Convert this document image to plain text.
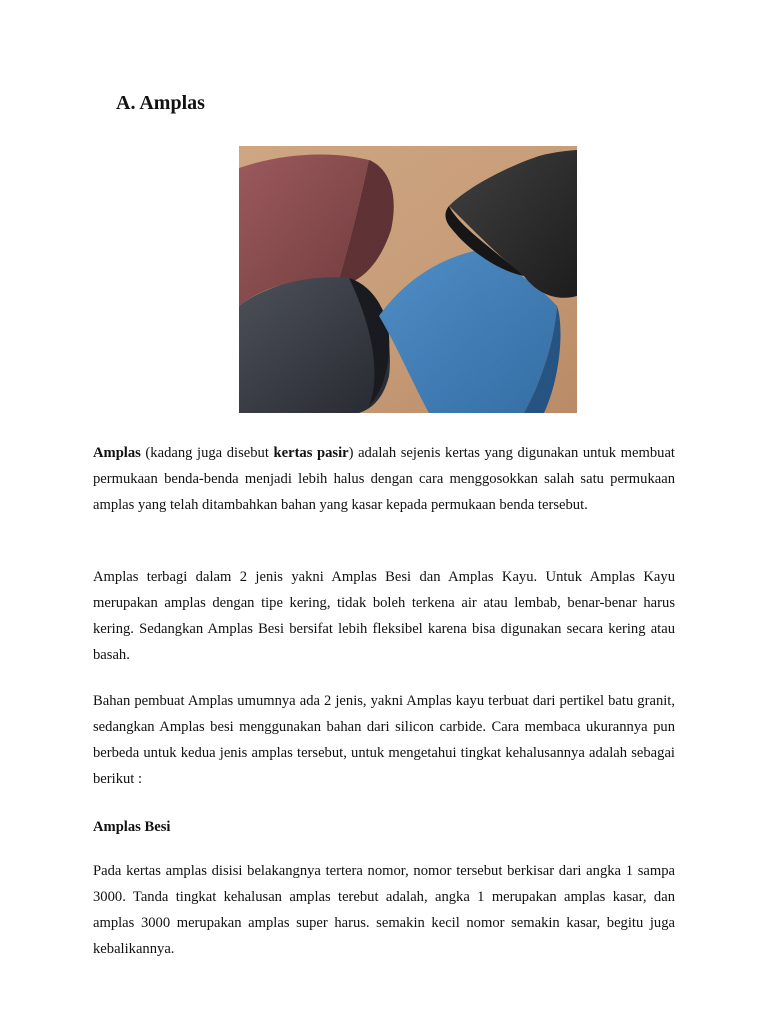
A. Amplas

Amplas (kadang juga disebut kertas pasir) adalah sejenis kertas yang digunakan untuk membuat permukaan benda-benda menjadi lebih halus dengan cara menggosokkan salah satu permukaan amplas yang telah ditambahkan bahan yang kasar kepada permukaan benda tersebut.

Amplas terbagi dalam 2 jenis yakni Amplas Besi dan Amplas Kayu. Untuk Amplas Kayu merupakan amplas dengan tipe kering, tidak boleh terkena air atau lembab, benar-benar harus kering. Sedangkan Amplas Besi bersifat lebih fleksibel karena bisa digunakan secara kering atau basah.

Bahan pembuat Amplas umumnya ada 2 jenis, yakni Amplas kayu terbuat dari pertikel batu granit, sedangkan Amplas besi menggunakan bahan dari silicon carbide. Cara membaca ukurannya pun berbeda untuk kedua jenis amplas tersebut, untuk mengetahui tingkat kehalusannya adalah sebagai berikut :

Amplas Besi

Pada kertas amplas disisi belakangnya tertera nomor, nomor tersebut berkisar dari angka 1 sampa 3000. Tanda tingkat kehalusan amplas terebut adalah, angka 1 merupakan amplas kasar, dan amplas 3000 merupakan amplas super harus. semakin kecil nomor semakin kasar, begitu juga kebalikannya.
